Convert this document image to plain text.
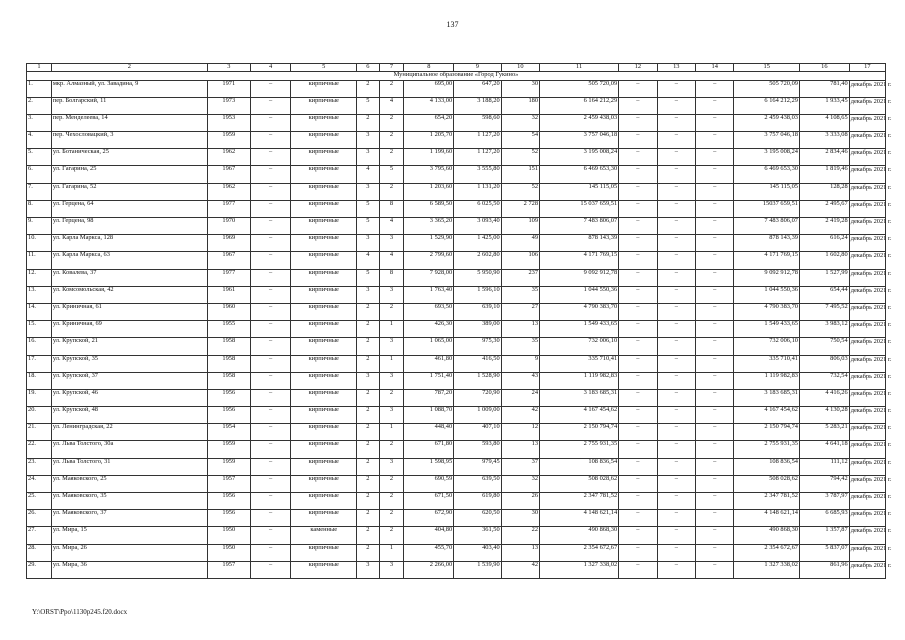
137
1	2	3	4	5	6	7	8	9	10	11	12	13	14	15	16	17
Муниципальное образование «Город Гукино»																
1.	мкр. Алмазный, ул. Завадина, 9	1971	–	кирпичные	2	2	695,00	647,20	30	505 720,09	–	–	–	505 720,09	781,40	декабрь 2021 г.
2.	пер. Болгарский, 11	1973	–	кирпичные	5	4	4 133,00	3 188,20	180	6 164 212,29	–	–	–	6 164 212,29	1 933,45	декабрь 2021 г.
3.	пер. Менделеева, 14	1953	–	кирпичные	2	2	654,20	598,60	32	2 459 438,03	–	–	–	2 459 438,03	4 108,65	декабрь 2021 г.
4.	пер. Чехословацкий, 3	1959	–	кирпичные	3	2	1 205,70	1 127,20	54	3 757 046,18	–	–	–	3 757 046,18	3 333,08	декабрь 2021 г.
5.	ул. Ботаническая, 25	1962	–	кирпичные	3	2	1 199,60	1 127,20	52	3 195 008,24	–	–	–	3 195 008,24	2 834,46	декабрь 2021 г.
6.	ул. Гагарина, 25	1967	–	кирпичные	4	5	3 795,60	3 555,80	151	6 469 653,30	–	–	–	6 469 653,30	1 819,46	декабрь 2021 г.
7.	ул. Гагарина, 52	1962	–	кирпичные	3	2	1 203,60	1 131,20	52	145 115,05	–	–	–	145 115,05	128,28	декабрь 2021 г.
8.	ул. Герцена, 64	1977	–	кирпичные	5	8	6 589,50	6 025,50	2 728	15 037 659,51	–	–	–	15037 659,51	2 495,67	декабрь 2021 г.
9.	ул. Герцена, 98	1970	–	кирпичные	5	4	3 365,20	3 093,40	109	7 483 806,07	–	–	–	7 483 806,07	2 419,28	декабрь 2021 г.
10.	ул. Карла Маркса, 128	1969	–	кирпичные	3	3	1 529,90	1 425,00	49	878 143,39	–	–	–	878 143,39	616,24	декабрь 2021 г.
11.	ул. Карла Маркса, 63	1967	–	кирпичные	4	4	2 799,60	2 602,80	106	4 171 769,15	–	–	–	4 171 769,15	1 602,80	декабрь 2021 г.
12.	ул. Ковалева, 37	1977	–	кирпичные	5	8	7 928,00	5 950,90	237	9 092 912,78	–	–	–	9 092 912,78	1 527,99	декабрь 2021 г.
13.	ул. Комсомольская, 42	1961	–	кирпичные	3	3	1 763,40	1 596,10	35	1 044 550,36	–	–	–	1 044 550,36	654,44	декабрь 2021 г.
14.	ул. Криничная, 61	1960	–	кирпичные	2	2	693,50	639,10	27	4 790 383,70	–	–	–	4 790 383,70	7 495,52	декабрь 2021 г.
15.	ул. Криничная, 69	1955	–	кирпичные	2	1	426,30	389,00	13	1 549 433,65	–	–	–	1 549 433,65	3 983,12	декабрь 2021 г.
16.	ул. Крупской, 21	1958	–	кирпичные	2	3	1 065,00	975,30	35	732 006,10	–	–	–	732 006,10	750,54	декабрь 2021 г.
17.	ул. Крупской, 35	1958	–	кирпичные	2	1	461,80	416,50	9	335 710,41	–	–	–	335 710,41	806,03	декабрь 2021 г.
18.	ул. Крупской, 37	1958	–	кирпичные	3	3	1 751,40	1 528,90	43	1 119 982,83	–	–	–	1 119 982,83	732,54	декабрь 2021 г.
19.	ул. Крупской, 46	1956	–	кирпичные	2	2	787,20	720,90	24	3 183 685,31	–	–	–	3 183 685,31	4 416,26	декабрь 2021 г.
20.	ул. Крупской, 48	1956	–	кирпичные	2	3	1 088,70	1 009,00	42	4 167 454,62	–	–	–	4 167 454,62	4 130,28	декабрь 2021 г.
21.	ул. Ленинградская, 22	1954	–	кирпичные	2	1	448,40	407,10	12	2 150 794,74	–	–	–	2 150 794,74	5 283,21	декабрь 2021 г.
22.	ул. Льва Толстого, 30а	1959	–	кирпичные	2	2	671,80	593,80	13	2 755 931,35	–	–	–	2 755 931,35	4 641,18	декабрь 2021 г.
23.	ул. Льва Толстого, 31	1959	–	кирпичные	2	3	1 598,95	979,45	37	108 836,54	–	–	–	108 836,54	111,12	декабрь 2021 г.
24.	ул. Маяковского, 25	1957	–	кирпичные	2	2	690,59	639,50	32	508 028,62	–	–	–	508 028,62	794,42	декабрь 2021 г.
25.	ул. Маяковского, 35	1956	–	кирпичные	2	2	671,50	619,80	26	2 347 781,52	–	–	–	2 347 781,52	3 787,97	декабрь 2021 г.
26.	ул. Маяковского, 37	1956	–	кирпичные	2	2	672,90	620,50	30	4 148 621,14	–	–	–	4 148 621,14	6 685,93	декабрь 2021 г.
27.	ул. Мира, 15	1950	–	каменные	2	2	404,80	361,50	22	490 868,30	–	–	–	490 868,30	1 357,87	декабрь 2021 г.
28.	ул. Мира, 26	1950	–	кирпичные	2	1	455,70	403,40	13	2 354 672,67	–	–	–	2 354 672,67	5 837,07	декабрь 2021 г.
29.	ул. Мира, 36	1957	–	кирпичные	3	3	2 266,00	1 539,90	42	1 327 338,02	–	–	–	1 327 338,02	861,96	декабрь 2021 г.
Y:\ORST\Ppo\1130p245.f20.docx
